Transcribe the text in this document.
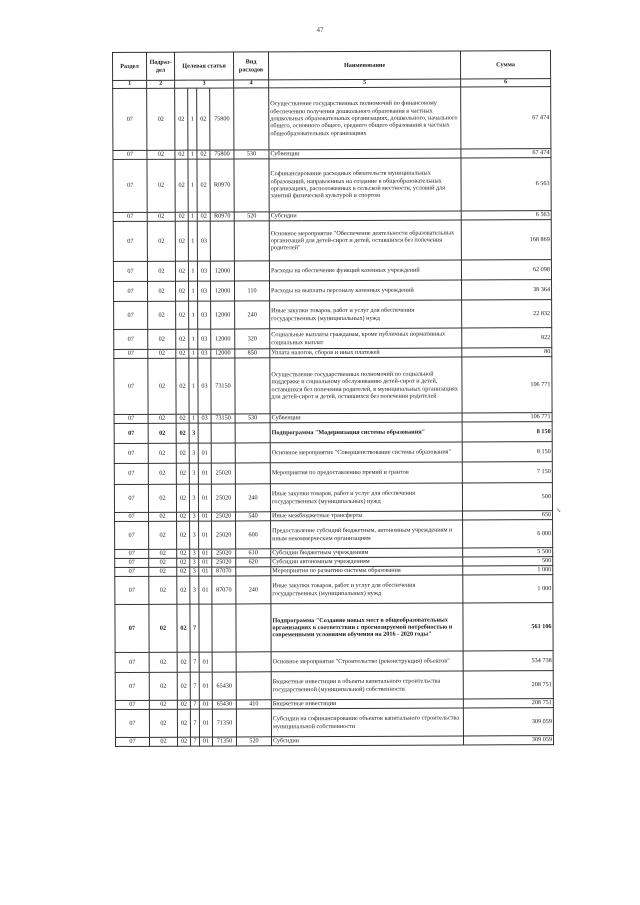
47
Раздел	Подраз-дел	Целевая статья				Вид расходов	Наименование	Сумма
1	2	3				4	5	6
07	02	02	1	02	75800		Осуществление государственных полномочий по финансовому обеспечению получения дошкольного образования в частных дошкольных образовательных организациях, дошкольного, начального общего, основного общего, среднего общего образования в частных общеобразовательных организациях	67 474
07	02	02	1	02	75800	530	Субвенции	67 474
07	02	02	1	02	R0970		Софинансирование расходных обязательств муниципальных образований, направленных на создание в общеобразовательных организациях, расположенных в сельской местности, условий для занятий физической культурой и спортом	6 563
07	02	02	1	02	R0970	520	Субсидии	6 563
07	02	02	1	03			Основное мероприятие "Обеспечение деятельности образовательных организаций для детей-сирот и детей, оставшихся без попечения родителей"	168 869
07	02	02	1	03	12000		Расходы на обеспечение функций казенных учреждений	62 098
07	02	02	1	03	12000	110	Расходы на выплаты персоналу казенных учреждений	38 364
07	02	02	1	03	12000	240	Иные закупки товаров, работ и услуг для обеспечения государственных (муниципальных) нужд	22 832
07	02	02	1	03	12000	320	Социальные выплаты гражданам, кроме публичных нормативных социальных выплат	822
07	02	02	1	03	12000	850	Уплата налогов, сборов и иных платежей	80
07	02	02	1	03	73150		Осуществление государственных полномочий по социальной поддержке и социальному обслуживанию детей-сирот и детей, оставшихся без попечения родителей, в муниципальных организациях для детей-сирот и детей, оставшихся без попечения родителей	106 771
07	02	02	1	03	73150	530	Субвенции	106 771
07	02	02	3				Подпрограмма "Модернизация системы образования"	8 150
07	02	02	3	01			Основное мероприятие "Совершенствование системы образования"	8 150
07	02	02	3	01	25020		Мероприятия по предоставлению премий и грантов	7 150
07	02	02	3	01	25020	240	Иные закупки товаров, работ и услуг для обеспечения государственных (муниципальных) нужд	500
07	02	02	3	01	25020	540	Иные межбюджетные трансферты	650
07	02	02	3	01	25020	600	Предоставление субсидий бюджетным, автономным учреждениям и иным некоммерческим организациям	6 000
07	02	02	3	01	25020	610	Субсидии бюджетным учреждениям	5 500
07	02	02	3	01	25020	620	Субсидии автономным учреждениям	500
07	02	02	3	01	87070		Мероприятия по развитию системы образования	1 000
07	02	02	3	01	87070	240	Иные закупки товаров, работ и услуг для обеспечения государственных (муниципальных) нужд	1 000
07	02	02	7				Подпрограмма "Создание новых мест в общеобразовательных организациях в соответствии с прогнозируемой потребностью и современными условиями обучения на 2016 - 2020 годы"	561 106
07	02	02	7	01			Основное мероприятие "Строительство (реконструкция) объектов"	534 738
07	02	02	7	01	65430		Бюджетные инвестиции в объекты капитального строительства государственной (муниципальной) собственности	208 751
07	02	02	7	01	65430	410	Бюджетные инвестиции	208 751
07	02	02	7	01	71350		Субсидии на софинансирование объектов капитального строительства муниципальной собственности	309 059
07	02	02	7	01	71350	520	Субсидии	309 059
↘
